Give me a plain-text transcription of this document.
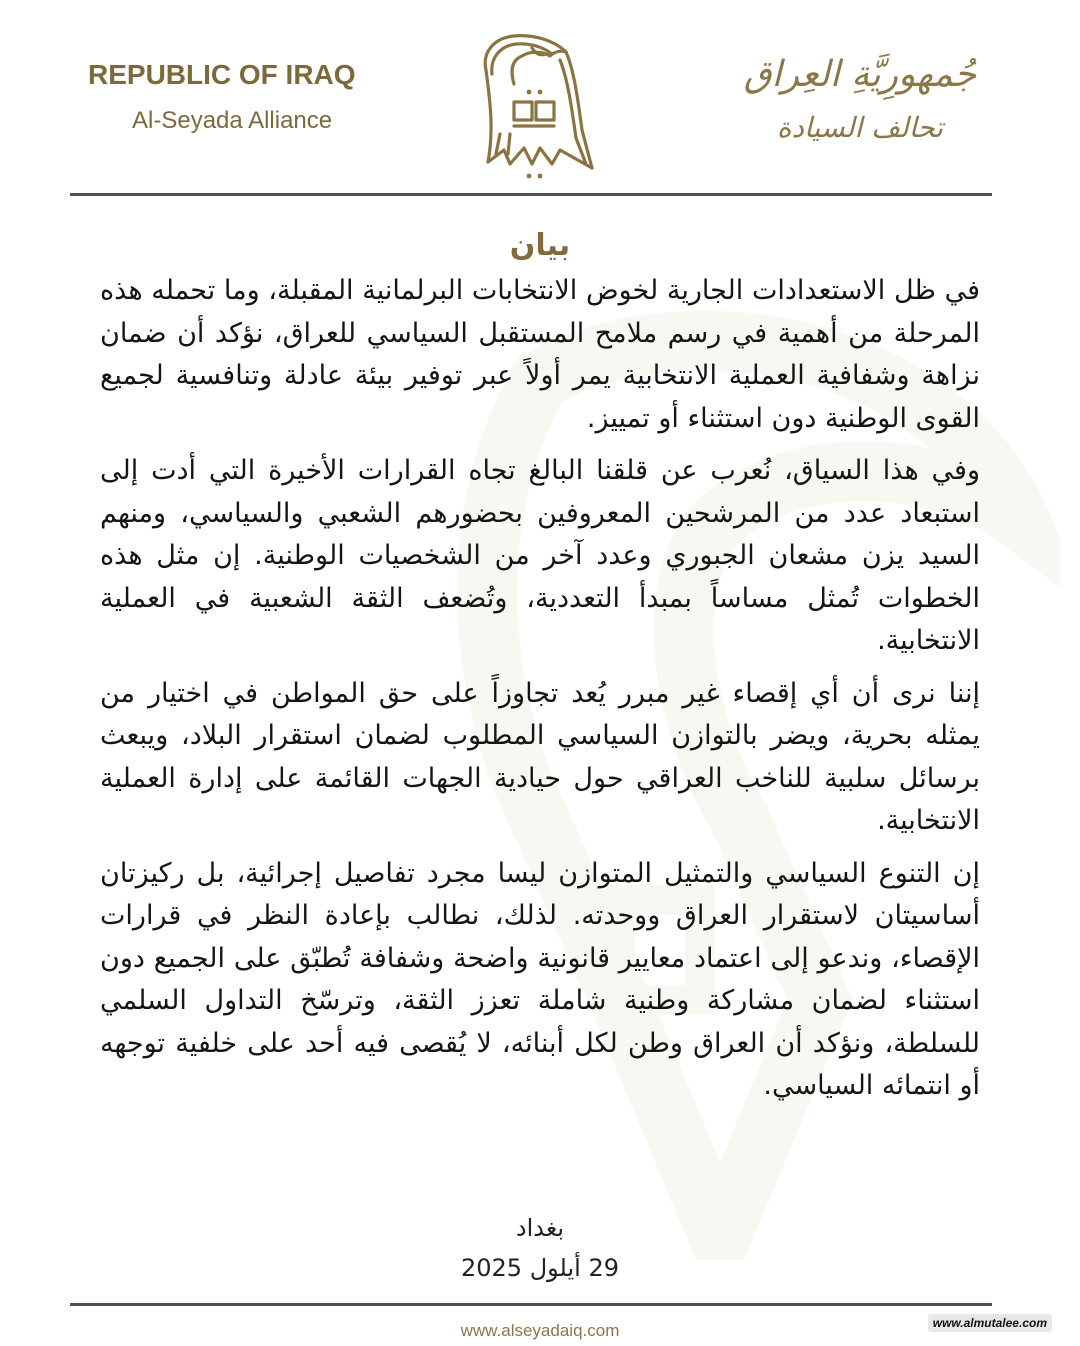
REPUBLIC OF IRAQ
Al-Seyada Alliance
جُمهورِيَّةِ العِراق
تحالف السيادة
بيان

في ظل الاستعدادات الجارية لخوض الانتخابات البرلمانية المقبلة، وما تحمله هذه المرحلة من أهمية في رسم ملامح المستقبل السياسي للعراق، نؤكد أن ضمان نزاهة وشفافية العملية الانتخابية يمر أولاً عبر توفير بيئة عادلة وتنافسية لجميع القوى الوطنية دون استثناء أو تمييز.

وفي هذا السياق، نُعرب عن قلقنا البالغ تجاه القرارات الأخيرة التي أدت إلى استبعاد عدد من المرشحين المعروفين بحضورهم الشعبي والسياسي، ومنهم السيد يزن مشعان الجبوري وعدد آخر من الشخصيات الوطنية. إن مثل هذه الخطوات تُمثل مساساً بمبدأ التعددية، وتُضعف الثقة الشعبية في العملية الانتخابية.

إننا نرى أن أي إقصاء غير مبرر يُعد تجاوزاً على حق المواطن في اختيار من يمثله بحرية، ويضر بالتوازن السياسي المطلوب لضمان استقرار البلاد، ويبعث برسائل سلبية للناخب العراقي حول حيادية الجهات القائمة على إدارة العملية الانتخابية.

إن التنوع السياسي والتمثيل المتوازن ليسا مجرد تفاصيل إجرائية، بل ركيزتان أساسيتان لاستقرار العراق ووحدته. لذلك، نطالب بإعادة النظر في قرارات الإقصاء، وندعو إلى اعتماد معايير قانونية واضحة وشفافة تُطبّق على الجميع دون استثناء لضمان مشاركة وطنية شاملة تعزز الثقة، وترسّخ التداول السلمي للسلطة، ونؤكد أن العراق وطن لكل أبنائه، لا يُقصى فيه أحد على خلفية توجهه أو انتمائه السياسي.

بغداد
29 أيلول 2025
www.alseyadaiq.com	www.almutalee.com
